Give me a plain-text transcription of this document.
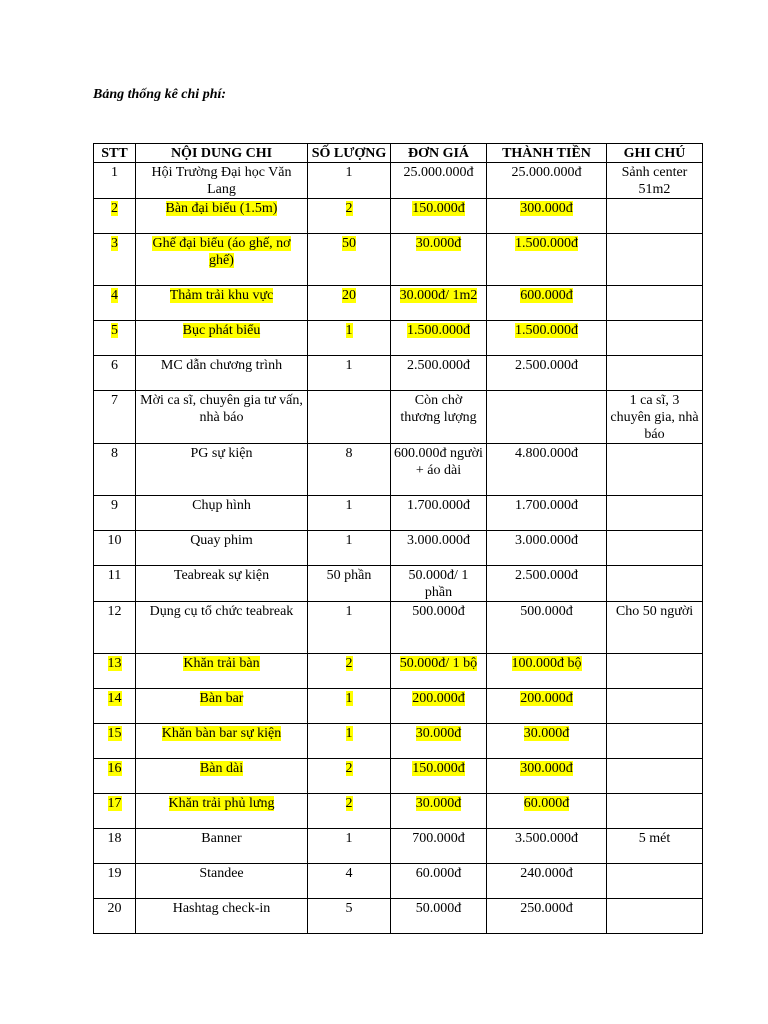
Bảng thống kê chi phí:
STT	NỘI DUNG CHI	SỐ LƯỢNG	ĐƠN GIÁ	THÀNH TIỀN	GHI CHÚ
1	Hội Trường Đại học Văn Lang	1	25.000.000đ	25.000.000đ	Sảnh center 51m2
2	Bàn đại biểu (1.5m)	2	150.000đ	300.000đ	
3	Ghế đại biểu (áo ghế, nơ ghế)	50	30.000đ	1.500.000đ	
4	Thảm trải khu vực	20	30.000đ/ 1m2	600.000đ	
5	Bục phát biểu	1	1.500.000đ	1.500.000đ	
6	MC dẫn chương trình	1	2.500.000đ	2.500.000đ	
7	Mời ca sĩ, chuyên gia tư vấn, nhà báo		Còn chờ thương lượng		1 ca sĩ, 3 chuyên gia, nhà báo
8	PG sự kiện	8	600.000đ người + áo dài	4.800.000đ	
9	Chụp hình	1	1.700.000đ	1.700.000đ	
10	Quay phim	1	3.000.000đ	3.000.000đ	
11	Teabreak sự kiện	50 phần	50.000đ/ 1 phần	2.500.000đ	
12	Dụng cụ tổ chức teabreak	1	500.000đ	500.000đ	Cho 50 người
13	Khăn trải bàn	2	50.000đ/ 1 bộ	100.000đ bộ	
14	Bàn bar	1	200.000đ	200.000đ	
15	Khăn bàn bar sự kiện	1	30.000đ	30.000đ	
16	Bàn dài	2	150.000đ	300.000đ	
17	Khăn trải phủ lưng	2	30.000đ	60.000đ	
18	Banner	1	700.000đ	3.500.000đ	5 mét
19	Standee	4	60.000đ	240.000đ	
20	Hashtag check-in	5	50.000đ	250.000đ	
